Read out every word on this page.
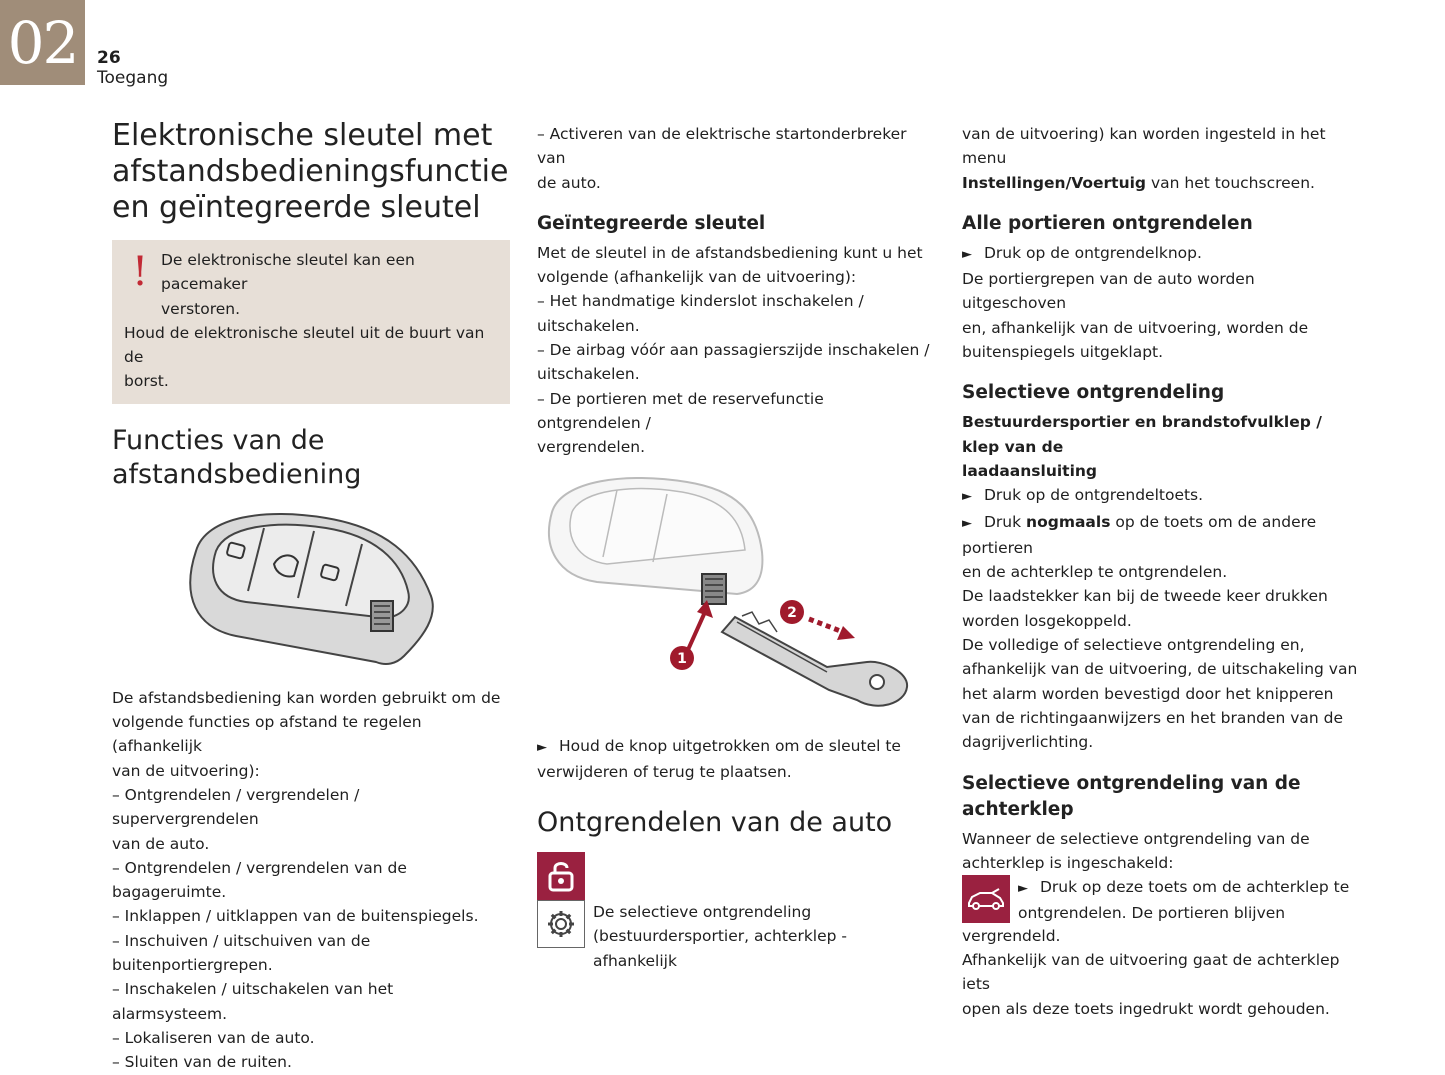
02	26
Toegang
Elektronische sleutel met
afstandsbedieningsfunctie
en geïntegreerde sleutel
! De elektronische sleutel kan een pacemaker
verstoren.
Houd de elektronische sleutel uit de buurt van de
borst.
Functies van de
afstandsbediening
De afstandsbediening kan worden gebruikt om de
volgende functies op afstand te regelen (afhankelijk
van de uitvoering):
– Ontgrendelen / vergrendelen / supervergrendelen
van de auto.
– Ontgrendelen / vergrendelen van de bagageruimte.
– Inklappen / uitklappen van de buitenspiegels.
– Inschuiven / uitschuiven van de
buitenportiergrepen.
– Inschakelen / uitschakelen van het alarmsysteem.
– Lokaliseren van de auto.
– Sluiten van de ruiten.
– Activeren van de elektrische startonderbreker van
de auto.
Geïntegreerde sleutel
Met de sleutel in de afstandsbediening kunt u het
volgende (afhankelijk van de uitvoering):
– Het handmatige kinderslot inschakelen /
uitschakelen.
– De airbag vóór aan passagierszijde inschakelen /
uitschakelen.
– De portieren met de reservefunctie ontgrendelen /
vergrendelen.
1
2
► Houd de knop uitgetrokken om de sleutel te
verwijderen of terug te plaatsen.
Ontgrendelen van de auto
De selectieve ontgrendeling
(bestuurdersportier, achterklep - afhankelijk
van de uitvoering) kan worden ingesteld in het menu
Instellingen/Voertuig van het touchscreen.
Alle portieren ontgrendelen
► Druk op de ontgrendelknop.
De portiergrepen van de auto worden uitgeschoven
en, afhankelijk van de uitvoering, worden de
buitenspiegels uitgeklapt.
Selectieve ontgrendeling
Bestuurdersportier en brandstofvulklep / klep van de
laadaansluiting
► Druk op de ontgrendeltoets.
► Druk nogmaals op de toets om de andere portieren
en de achterklep te ontgrendelen.
De laadstekker kan bij de tweede keer drukken
worden losgekoppeld.
De volledige of selectieve ontgrendeling en,
afhankelijk van de uitvoering, de uitschakeling van
het alarm worden bevestigd door het knipperen
van de richtingaanwijzers en het branden van de
dagrijverlichting.
Selectieve ontgrendeling van de achterklep
Wanneer de selectieve ontgrendeling van de
achterklep is ingeschakeld:
► Druk op deze toets om de achterklep te
ontgrendelen. De portieren blijven
vergrendeld.
Afhankelijk van de uitvoering gaat de achterklep iets
open als deze toets ingedrukt wordt gehouden.
